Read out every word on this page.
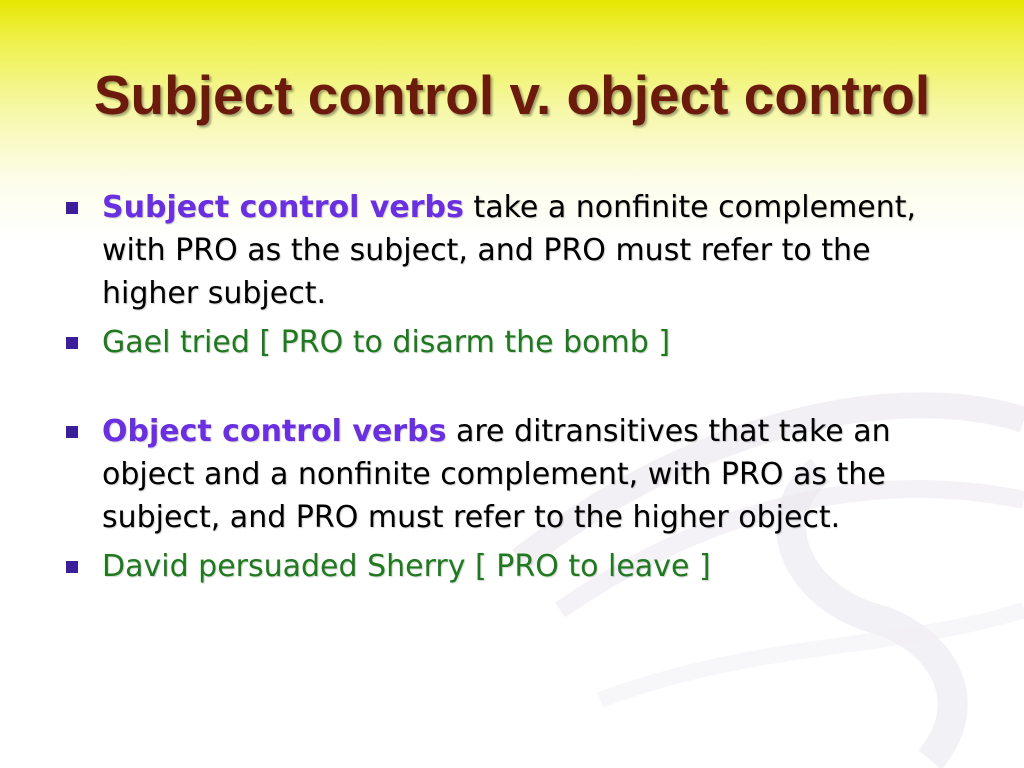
Subject control v. object control
Subject control verbs take a nonfinite complement, with PRO as the subject, and PRO must refer to the higher subject.
Gael tried [ PRO to disarm the bomb ]
Object control verbs are ditransitives that take an object and a nonfinite complement, with PRO as the subject, and PRO must refer to the higher object.
David persuaded Sherry [ PRO to leave ]
